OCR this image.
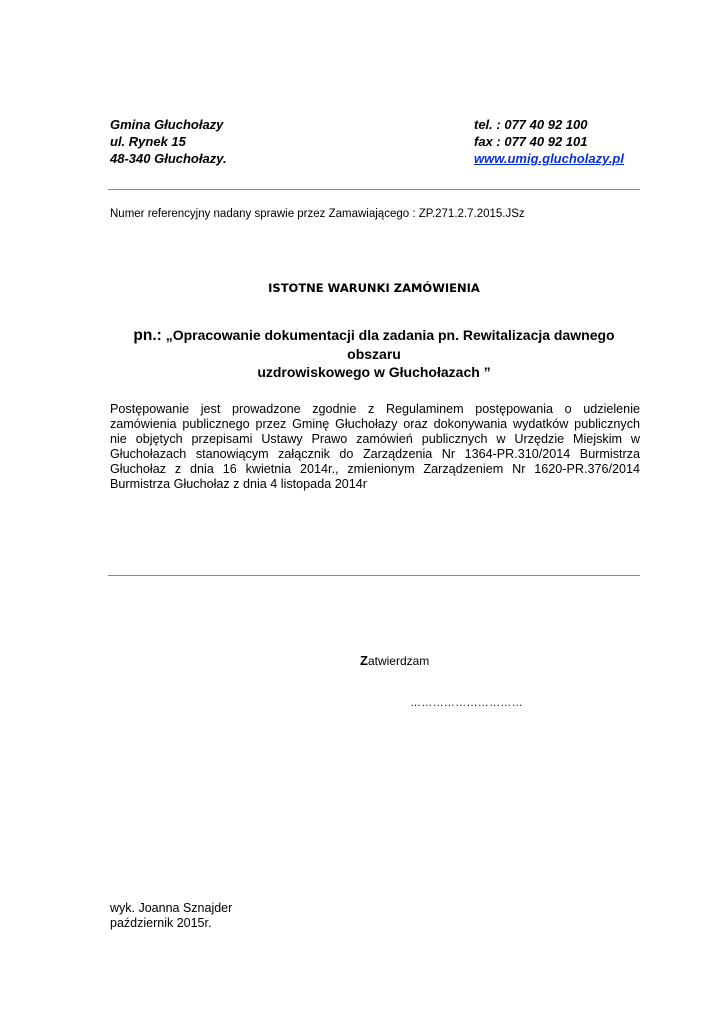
Gmina Głuchołazy
ul. Rynek 15
48-340 Głuchołazy.
tel. : 077 40 92 100
fax : 077 40 92 101
www.umig.glucholazy.pl
Numer referencyjny nadany sprawie przez Zamawiającego : ZP.271.2.7.2015.JSz
ISTOTNE WARUNKI ZAMÓWIENIA
pn.: „Opracowanie dokumentacji dla zadania pn. Rewitalizacja dawnego obszaru
uzdrowiskowego w Głuchołazach ”
Postępowanie jest prowadzone zgodnie z Regulaminem postępowania o udzielenie zamówienia publicznego przez Gminę Głuchołazy oraz dokonywania wydatków publicznych nie objętych przepisami Ustawy Prawo zamówień publicznych w Urzędzie Miejskim w Głuchołazach stanowiącym załącznik do Zarządzenia Nr 1364-PR.310/2014 Burmistrza Głuchołaz z dnia 16 kwietnia 2014r., zmienionym Zarządzeniem Nr 1620-PR.376/2014 Burmistrza Głuchołaz z dnia 4 listopada 2014r
Zatwierdzam
…………………………
wyk. Joanna Sznajder
październik 2015r.
